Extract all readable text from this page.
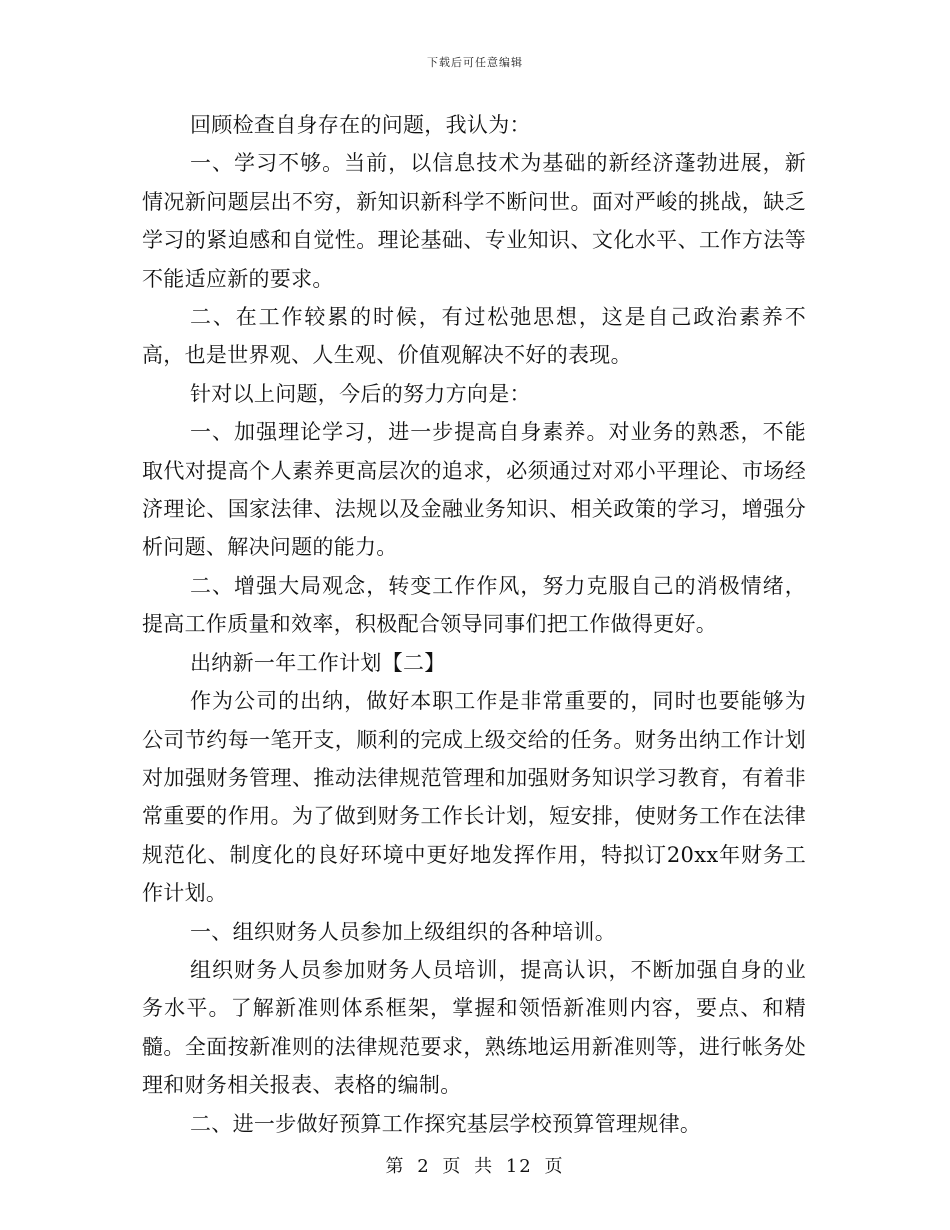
下载后可任意编辑

回顾检查自身存在的问题，我认为：

一、学习不够。当前，以信息技术为基础的新经济蓬勃进展，新情况新问题层出不穷，新知识新科学不断问世。面对严峻的挑战，缺乏学习的紧迫感和自觉性。理论基础、专业知识、文化水平、工作方法等不能适应新的要求。

二、在工作较累的时候，有过松弛思想，这是自己政治素养不高，也是世界观、人生观、价值观解决不好的表现。

针对以上问题，今后的努力方向是：

一、加强理论学习，进一步提高自身素养。对业务的熟悉，不能取代对提高个人素养更高层次的追求，必须通过对邓小平理论、市场经济理论、国家法律、法规以及金融业务知识、相关政策的学习，增强分析问题、解决问题的能力。

二、增强大局观念，转变工作作风，努力克服自己的消极情绪，提高工作质量和效率，积极配合领导同事们把工作做得更好。

出纳新一年工作计划【二】

作为公司的出纳，做好本职工作是非常重要的，同时也要能够为公司节约每一笔开支，顺利的完成上级交给的任务。财务出纳工作计划对加强财务管理、推动法律规范管理和加强财务知识学习教育，有着非常重要的作用。为了做到财务工作长计划，短安排，使财务工作在法律规范化、制度化的良好环境中更好地发挥作用，特拟订20xx年财务工作计划。

一、组织财务人员参加上级组织的各种培训。

组织财务人员参加财务人员培训，提高认识，不断加强自身的业务水平。了解新准则体系框架，掌握和领悟新准则内容，要点、和精髓。全面按新准则的法律规范要求，熟练地运用新准则等，进行帐务处理和财务相关报表、表格的编制。

二、进一步做好预算工作探究基层学校预算管理规律。

第 2 页 共 12 页
